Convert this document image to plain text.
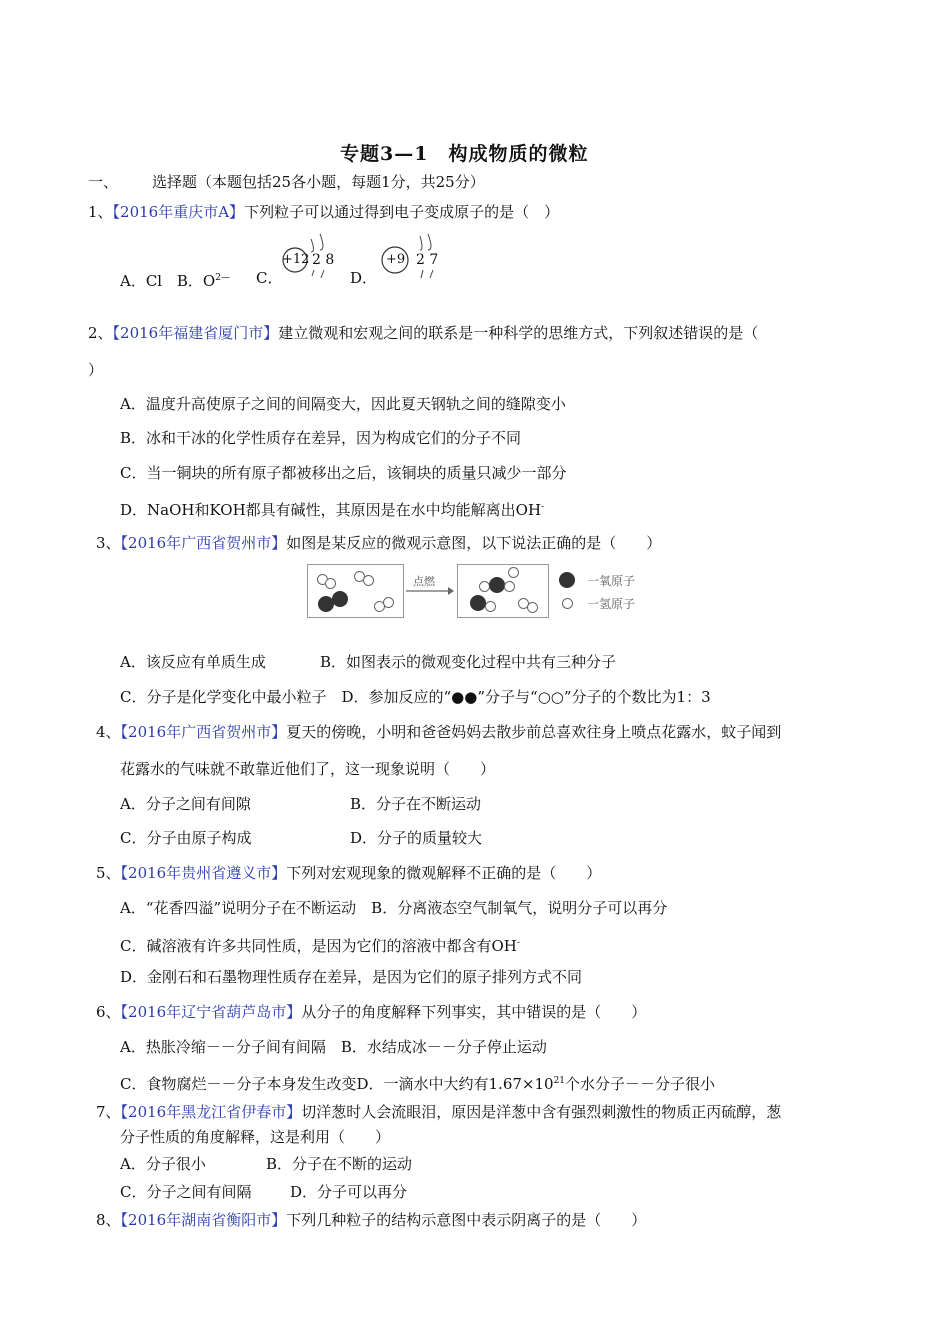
专题3—1　构成物质的微粒
一、 选择题（本题包括25各小题，每题1分，共25分）
1、【2016年重庆市A】下列粒子可以通过得到电子变成原子的是（　）
A．Cl B．$O^{2—}$ C．	D．
+12 2 8	+9 2 7
2、【2016年福建省厦门市】建立微观和宏观之间的联系是一种科学的思维方式，下列叙述错误的是（
）
A．温度升高使原子之间的间隔变大，因此夏天钢轨之间的缝隙变小
B．冰和干冰的化学性质存在差异，因为构成它们的分子不同
C．当一铜块的所有原子都被移出之后，该铜块的质量只减少一部分
D．NaOH和KOH都具有碱性，其原因是在水中均能解离出OH-
3、【2016年广西省贺州市】如图是某反应的微观示意图，以下说法正确的是（　　）
点燃	一氧原子
一氢原子
A．该反应有单质生成	B．如图表示的微观变化过程中共有三种分子
C．分子是化学变化中最小粒子　D．参加反应的“●●”分子与“○○”分子的个数比为1：3
4、【2016年广西省贺州市】夏天的傍晚，小明和爸爸妈妈去散步前总喜欢往身上喷点花露水，蚊子闻到
花露水的气味就不敢靠近他们了，这一现象说明（　　）
A．分子之间有间隙	B．分子在不断运动
C．分子由原子构成	D．分子的质量较大
5、【2016年贵州省遵义市】下列对宏观现象的微观解释不正确的是（　　）
A．“花香四溢”说明分子在不断运动　B．分离液态空气制氧气，说明分子可以再分
C．碱溶液有许多共同性质，是因为它们的溶液中都含有OH-
D．金刚石和石墨物理性质存在差异，是因为它们的原子排列方式不同
6、【2016年辽宁省葫芦岛市】从分子的角度解释下列事实，其中错误的是（　　）
A．热胀冷缩－－分子间有间隔　B．水结成冰－－分子停止运动
C．食物腐烂－－分子本身发生改变D．一滴水中大约有$1.67\times 10^{21}$个水分子－－分子很小
7、【2016年黑龙江省伊春市】切洋葱时人会流眼泪，原因是洋葱中含有强烈刺激性的物质正丙硫醇，葱
分子性质的角度解释，这是利用（　　）
A．分子很小	B．分子在不断的运动
C．分子之间有间隔	D．分子可以再分
8、【2016年湖南省衡阳市】下列几种粒子的结构示意图中表示阴离子的是（　　）
